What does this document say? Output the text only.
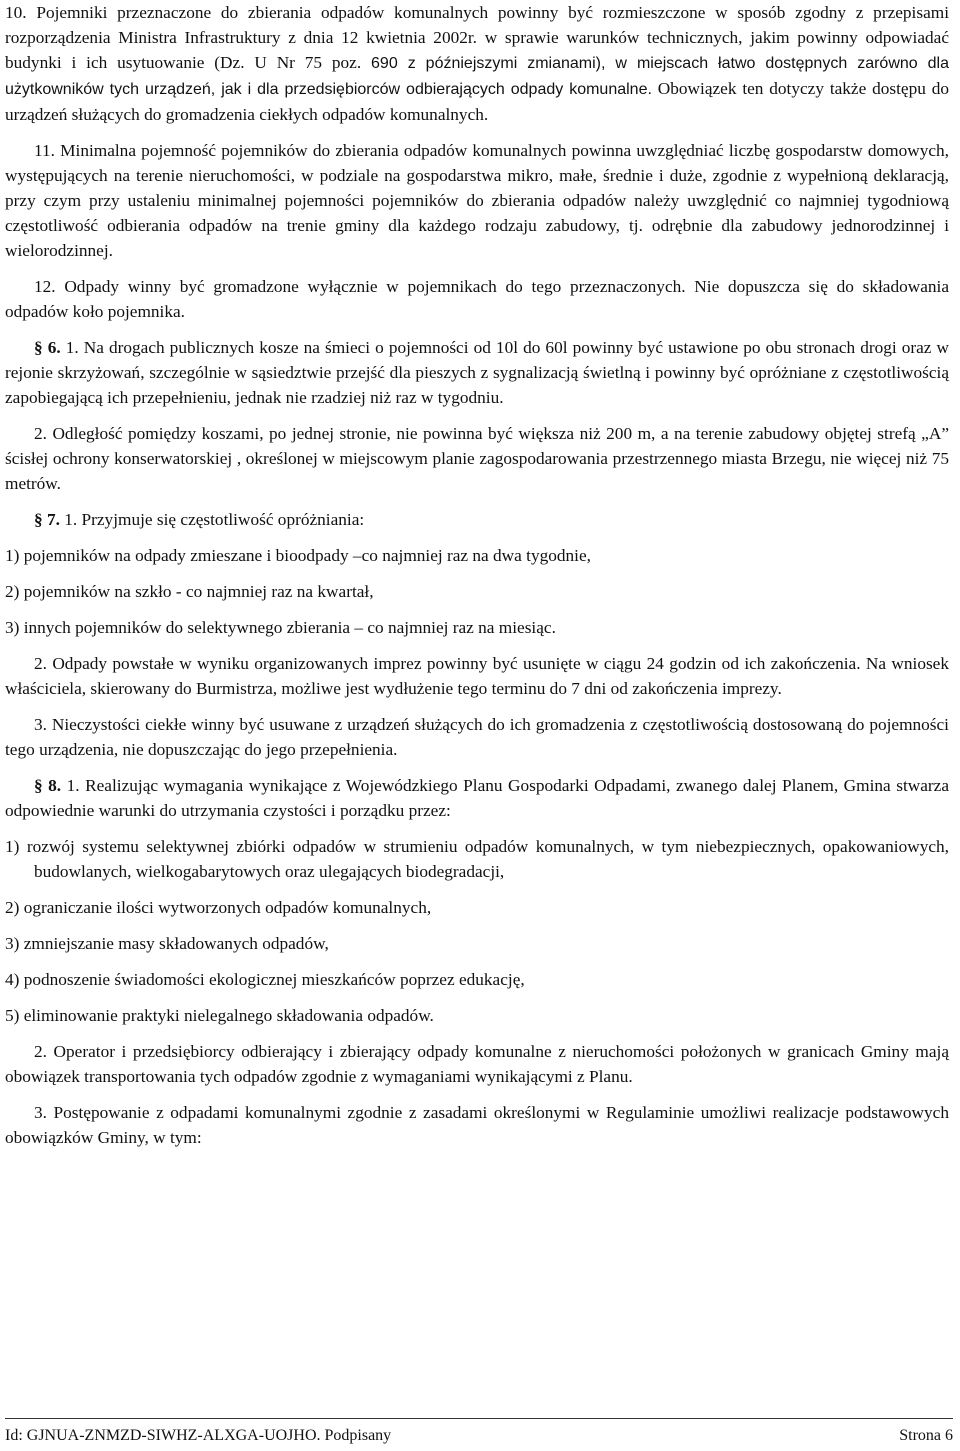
10. Pojemniki przeznaczone do zbierania odpadów komunalnych powinny być rozmieszczone w sposób zgodny z przepisami rozporządzenia Ministra Infrastruktury z dnia 12 kwietnia 2002r. w sprawie warunków technicznych, jakim powinny odpowiadać budynki i ich usytuowanie (Dz. U Nr 75 poz. 690 z późniejszymi zmianami), w miejscach łatwo dostępnych zarówno dla użytkowników tych urządzeń, jak i dla przedsiębiorców odbierających odpady komunalne. Obowiązek ten dotyczy także dostępu do urządzeń służących do gromadzenia ciekłych odpadów komunalnych.

11. Minimalna pojemność pojemników do zbierania odpadów komunalnych powinna uwzględniać liczbę gospodarstw domowych, występujących na terenie nieruchomości, w podziale na gospodarstwa mikro, małe, średnie i duże, zgodnie z wypełnioną deklaracją, przy czym przy ustaleniu minimalnej pojemności pojemników do zbierania odpadów należy uwzględnić co najmniej tygodniową częstotliwość odbierania odpadów na trenie gminy dla każdego rodzaju zabudowy, tj. odrębnie dla zabudowy jednorodzinnej i wielorodzinnej.

12. Odpady winny być gromadzone wyłącznie w pojemnikach do tego przeznaczonych. Nie dopuszcza się do składowania odpadów koło pojemnika.

§ 6. 1. Na drogach publicznych kosze na śmieci o pojemności od 10l do 60l powinny być ustawione po obu stronach drogi oraz w rejonie skrzyżowań, szczególnie w sąsiedztwie przejść dla pieszych z sygnalizacją świetlną i powinny być opróżniane z częstotliwością zapobiegającą ich przepełnieniu, jednak nie rzadziej niż raz w tygodniu.

2. Odległość pomiędzy koszami, po jednej stronie, nie powinna być większa niż 200 m, a na terenie zabudowy objętej strefą „A” ścisłej ochrony konserwatorskiej , określonej w miejscowym planie zagospodarowania przestrzennego miasta Brzegu, nie więcej niż 75 metrów.

§ 7. 1. Przyjmuje się częstotliwość opróżniania:

1) pojemników na odpady zmieszane i bioodpady –co najmniej raz na dwa tygodnie,

2) pojemników na szkło - co najmniej raz na kwartał,

3) innych pojemników do selektywnego zbierania – co najmniej raz na miesiąc.

2. Odpady powstałe w wyniku organizowanych imprez powinny być usunięte w ciągu 24 godzin od ich zakończenia. Na wniosek właściciela, skierowany do Burmistrza, możliwe jest wydłużenie tego terminu do 7 dni od zakończenia imprezy.

3. Nieczystości ciekłe winny być usuwane z urządzeń służących do ich gromadzenia z częstotliwością dostosowaną do pojemności tego urządzenia, nie dopuszczając do jego przepełnienia.

§ 8. 1. Realizując wymagania wynikające z Wojewódzkiego Planu Gospodarki Odpadami, zwanego dalej Planem, Gmina stwarza odpowiednie warunki do utrzymania czystości i porządku przez:

1) rozwój systemu selektywnej zbiórki odpadów w strumieniu odpadów komunalnych, w tym niebezpiecznych, opakowaniowych, budowlanych, wielkogabarytowych oraz ulegających biodegradacji,

2) ograniczanie ilości wytworzonych odpadów komunalnych,

3) zmniejszanie masy składowanych odpadów,

4) podnoszenie świadomości ekologicznej mieszkańców poprzez edukację,

5) eliminowanie praktyki nielegalnego składowania odpadów.

2. Operator i przedsiębiorcy odbierający i zbierający odpady komunalne z nieruchomości położonych w granicach Gminy mają obowiązek transportowania tych odpadów zgodnie z wymaganiami wynikającymi z Planu.

3. Postępowanie z odpadami komunalnymi zgodnie z zasadami określonymi w Regulaminie umożliwi realizacje podstawowych obowiązków Gminy, w tym:

Id: GJNUA-ZNMZD-SIWHZ-ALXGA-UOJHO. Podpisany	Strona 6
